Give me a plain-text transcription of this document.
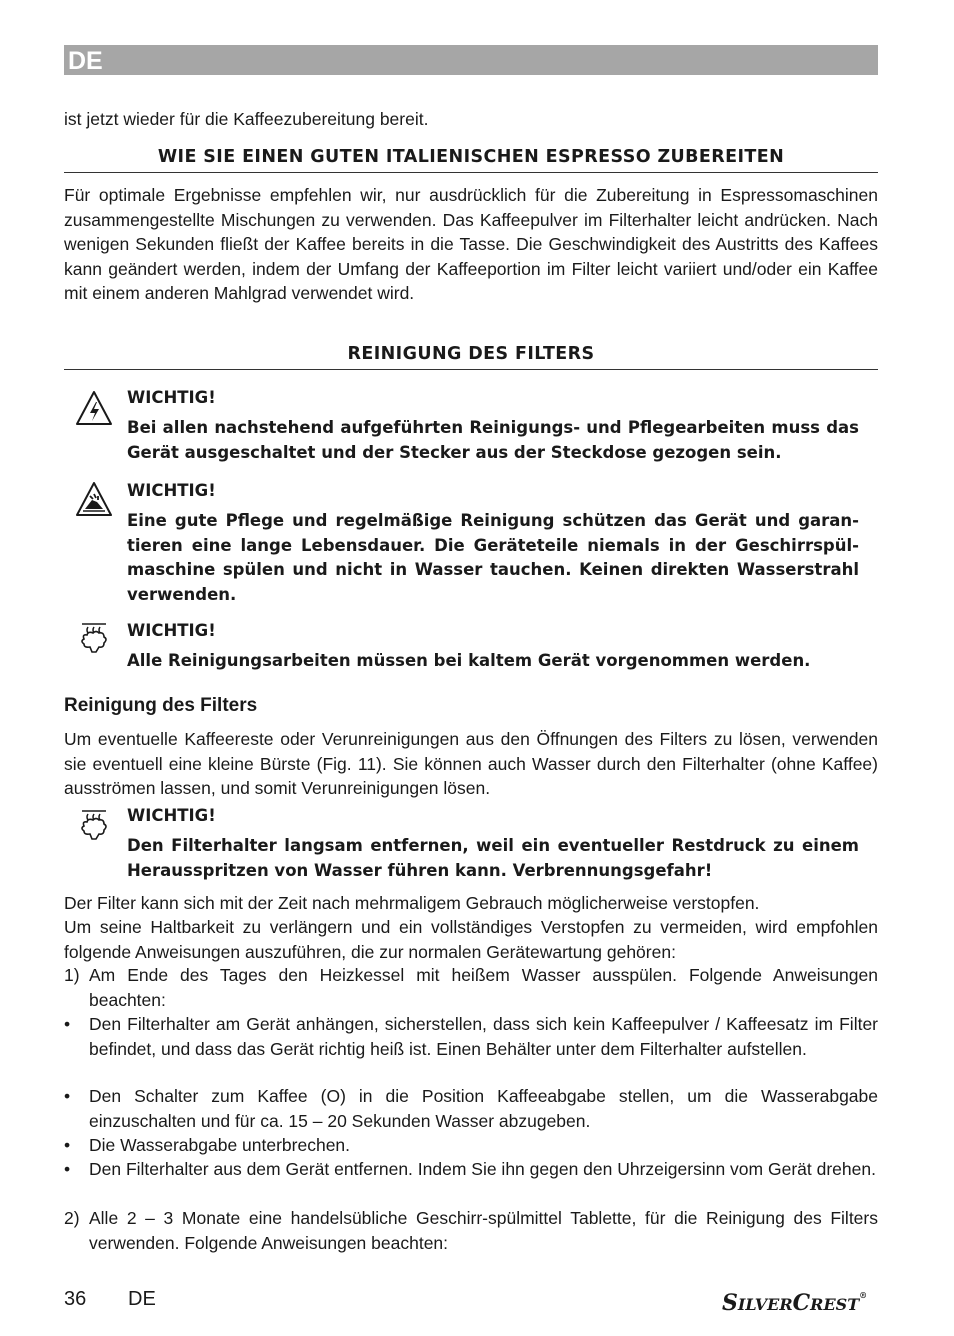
DE
ist jetzt wieder für die Kaffeezubereitung bereit.
WIE SIE EINEN GUTEN ITALIENISCHEN ESPRESSO ZUBEREITEN
Für optimale Ergebnisse empfehlen wir, nur ausdrücklich für die Zubereitung in Espressomaschinen zusammengestellte Mischungen zu verwenden. Das Kaffeepulver im Filterhalter leicht andrücken. Nach wenigen Sekunden fließt der Kaffee bereits in die Tasse. Die Geschwindigkeit des Austritts des Kaffees kann geändert werden, indem der Umfang der Kaffeeportion im Filter leicht variiert und/oder ein Kaffee mit einem anderen Mahlgrad verwendet wird.
REINIGUNG DES FILTERS
WICHTIG!
Bei allen nachstehend aufgeführten Reinigungs- und Pflegearbeiten muss das Gerät ausgeschaltet und der Stecker aus der Steckdose gezogen sein.
WICHTIG!
Eine gute Pflege und regelmäßige Reinigung schützen das Gerät und garan-tieren eine lange Lebensdauer. Die Geräteteile niemals in der Geschirrspül-maschine spülen und nicht in Wasser tauchen. Keinen direkten Wasserstrahl verwenden.
WICHTIG!
Alle Reinigungsarbeiten müssen bei kaltem Gerät vorgenommen werden.
Reinigung des Filters
Um eventuelle Kaffeereste oder Verunreinigungen aus den Öffnungen des Filters zu lösen, verwenden sie eventuell eine kleine Bürste (Fig. 11). Sie können auch Wasser durch den Filterhalter (ohne Kaffee) ausströmen lassen, und somit Verunreinigungen lösen.
WICHTIG!
Den Filterhalter langsam entfernen, weil ein eventueller Restdruck zu einem Herausspritzen von Wasser führen kann. Verbrennungsgefahr!
Der Filter kann sich mit der Zeit nach mehrmaligem Gebrauch möglicherweise verstopfen.
Um seine Haltbarkeit zu verlängern und ein vollständiges Verstopfen zu vermeiden, wird empfohlen folgende Anweisungen auszuführen, die zur normalen Gerätewartung gehören:
1) Am Ende des Tages den Heizkessel mit heißem Wasser ausspülen. Folgende Anweisungen beachten:
• Den Filterhalter am Gerät anhängen, sicherstellen, dass sich kein Kaffeepulver / Kaffeesatz im Filter befindet, und dass das Gerät richtig heiß ist. Einen Behälter unter dem Filterhalter aufstellen.
• Den Schalter zum Kaffee (O) in die Position Kaffeeabgabe stellen, um die Wasserabgabe einzuschalten und für ca. 15 – 20 Sekunden Wasser abzugeben.
• Die Wasserabgabe unterbrechen.
• Den Filterhalter aus dem Gerät entfernen. Indem Sie ihn gegen den Uhrzeigersinn vom Gerät drehen.
2) Alle 2 – 3 Monate eine handelsübliche Geschirr-spülmittel Tablette, für die Reinigung des Filters verwenden. Folgende Anweisungen beachten:
36 DE	SILVERCREST®
